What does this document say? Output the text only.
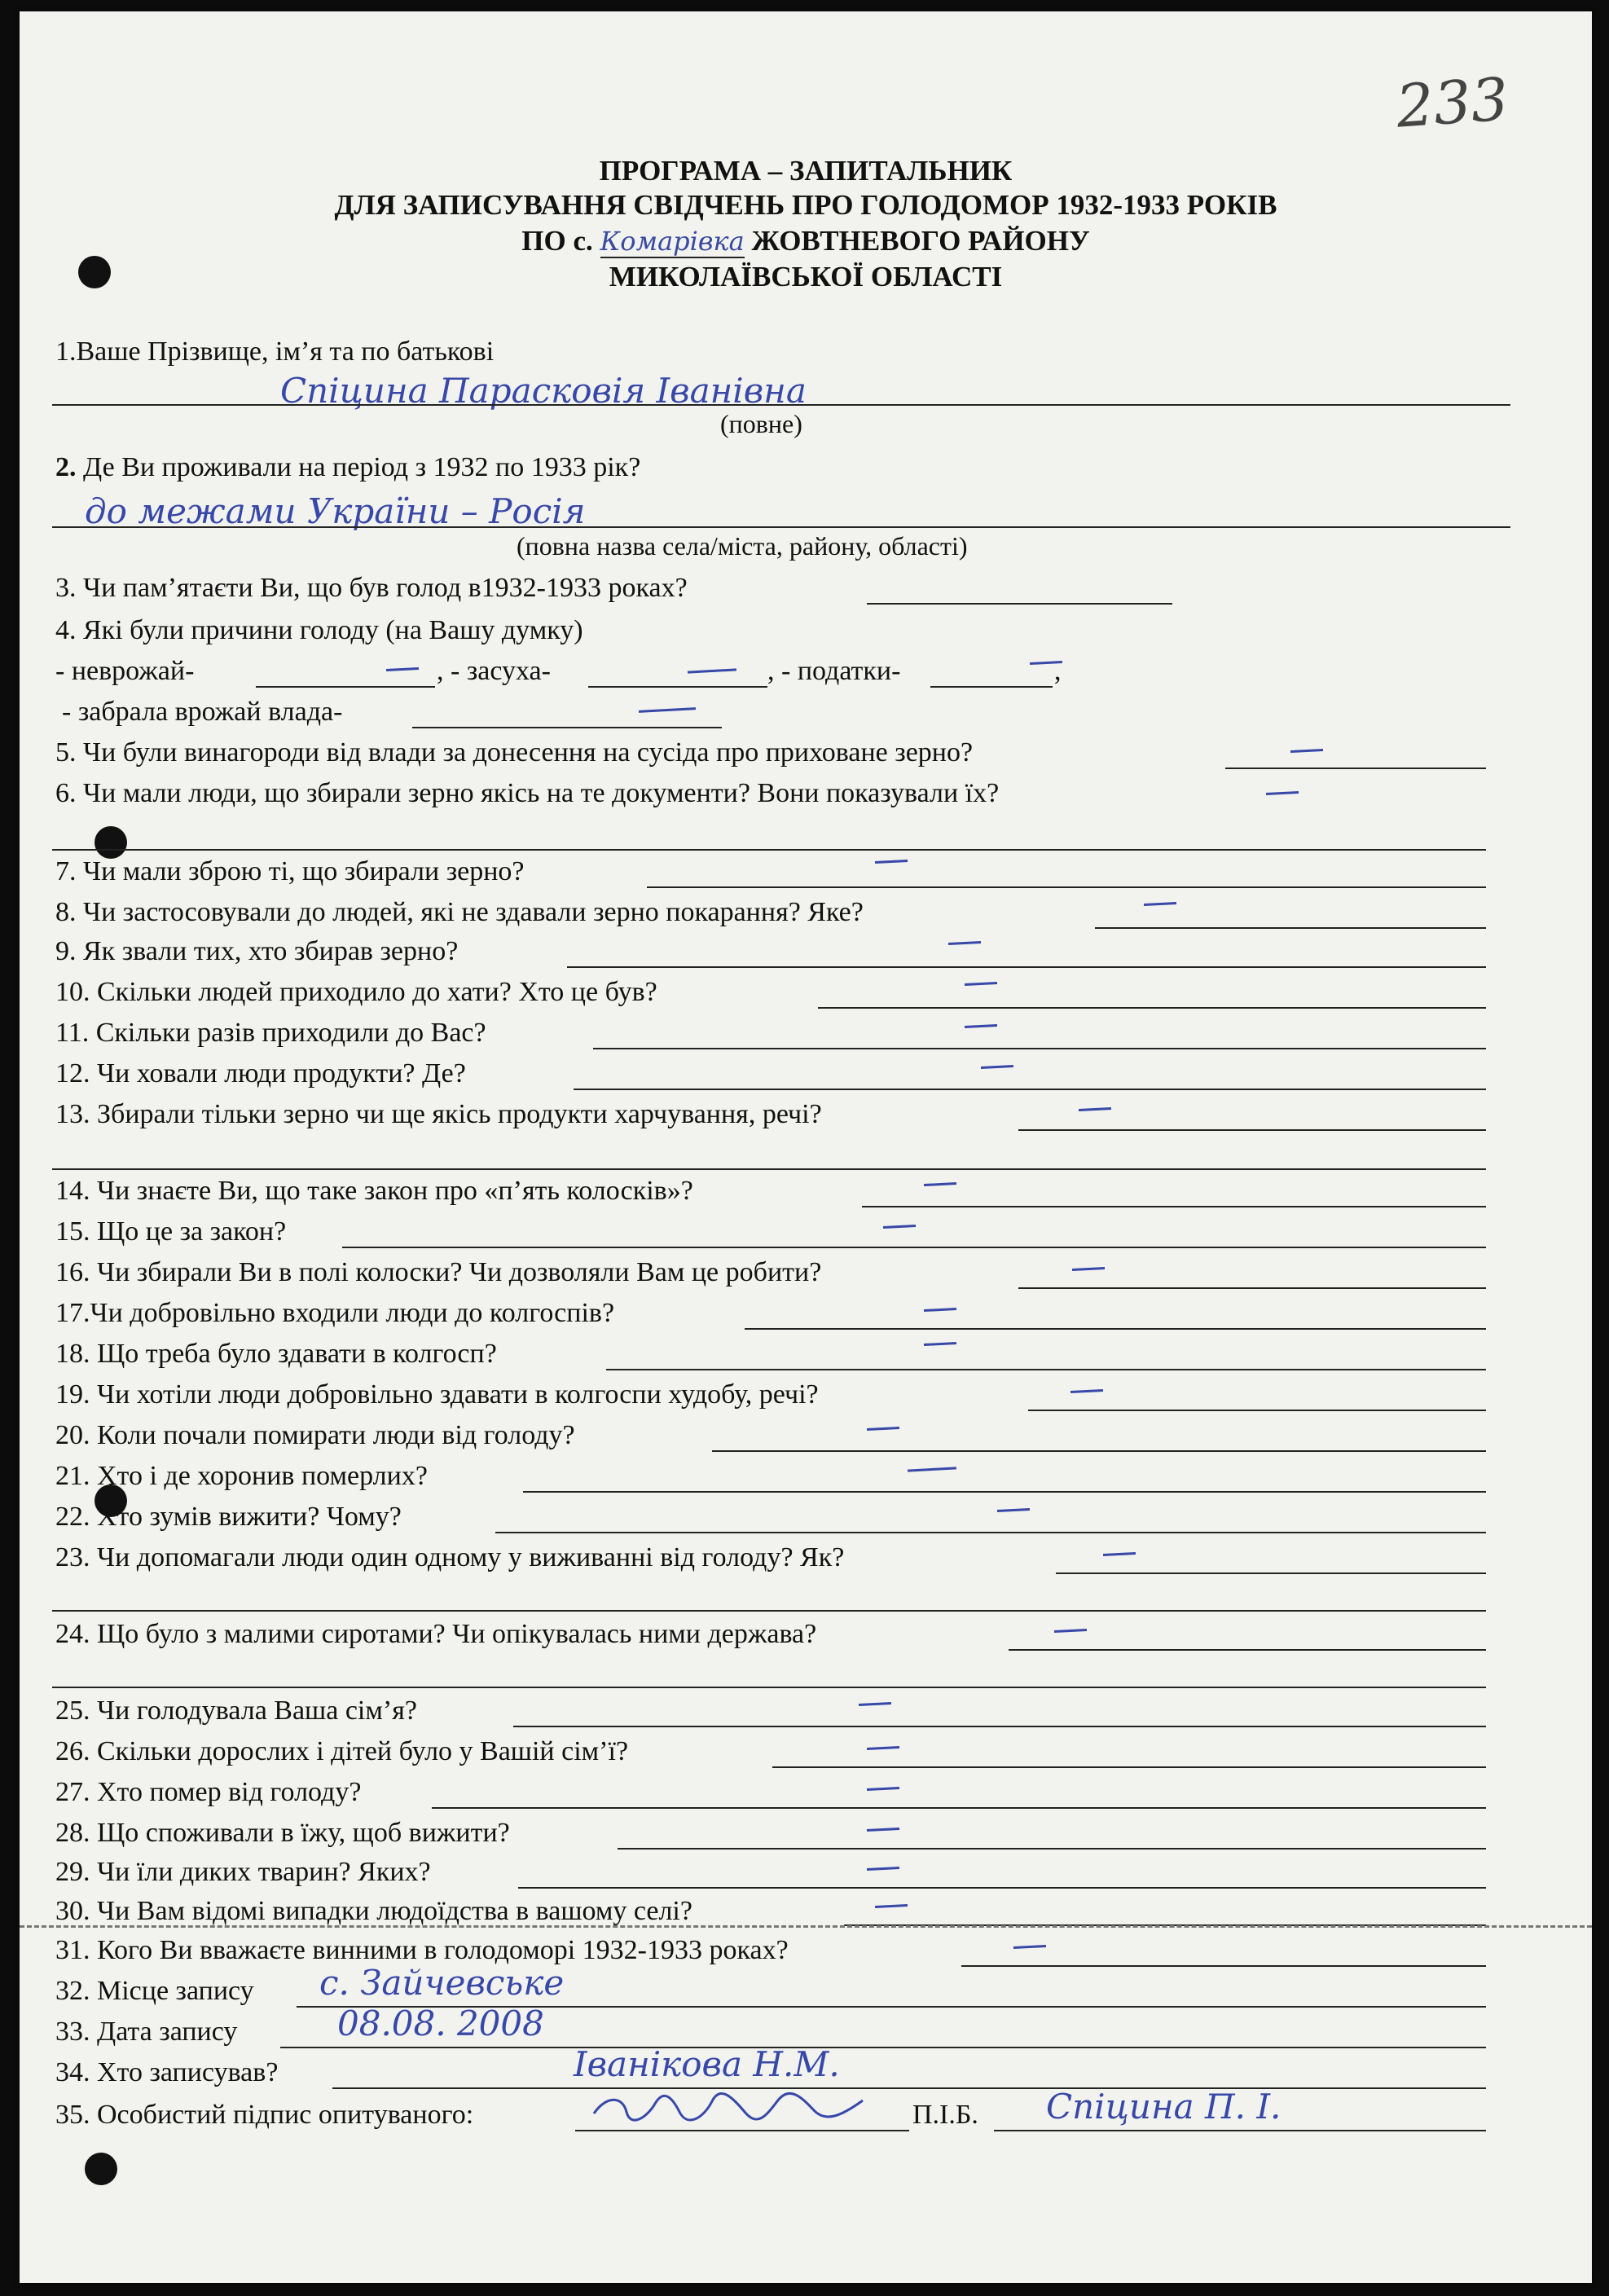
233
ПРОГРАМА – ЗАПИТАЛЬНИК
ДЛЯ ЗАПИСУВАННЯ СВІДЧЕНЬ ПРО ГОЛОДОМОР 1932-1933 РОКІВ
ПО с. Комарівка ЖОВТНЕВОГО РАЙОНУ
МИКОЛАЇВСЬКОЇ ОБЛАСТІ
1.Ваше Прізвище, ім’я та по батькові
Спіцина Парасковія Іванівна
(повне)
2. Де Ви проживали на період з 1932 по 1933 рік?
до межами України – Росія
(повна назва села/міста, району, області)
3. Чи пам’ятаєти Ви, що був голод в1932-1933 роках?
4. Які були причини голоду (на Вашу думку)
- неврожай-	, - засуха-	, - податки-	,
- забрала врожай влада-
5. Чи були винагороди від влади за донесення на сусіда про приховане зерно?
6. Чи мали люди, що збирали зерно якісь на те документи? Вони показували їх?
7. Чи мали зброю ті, що збирали зерно?
8. Чи застосовували до людей, які не здавали зерно покарання? Яке?
9. Як звали тих, хто збирав зерно?
10. Скільки людей приходило до хати? Хто це був?
11. Скільки разів приходили до Вас?
12. Чи ховали люди продукти? Де?
13. Збирали тільки зерно чи ще якісь продукти харчування, речі?
14. Чи знаєте Ви, що таке закон про «п’ять колосків»?
15. Що це за закон?
16. Чи збирали Ви в полі колоски? Чи дозволяли Вам це робити?
17.Чи добровільно входили люди до колгоспів?
18. Що треба було здавати в колгосп?
19. Чи хотіли люди добровільно здавати в колгоспи худобу, речі?
20. Коли почали помирати люди від голоду?
21. Хто і де хоронив померлих?
22. Хто зумів вижити? Чому?
23. Чи допомагали люди один одному у виживанні від голоду? Як?
24. Що було з малими сиротами? Чи опікувалась ними держава?
25. Чи голодувала Ваша сім’я?
26. Скільки дорослих і дітей було у Вашій сім’ї?
27. Хто помер від голоду?
28. Що споживали в їжу, щоб вижити?
29. Чи їли диких тварин? Яких?
30. Чи Вам відомі випадки людоїдства в вашому селі?
31. Кого Ви вважаєте винними в голодоморі 1932-1933 роках?
32. Місце запису с. Зайчевське
33. Дата запису	08.08. 2008
34. Хто записував?	Іванікова Н.М.
35. Особистий підпис опитуваного:	П.І.Б. Спіцина П. І.
